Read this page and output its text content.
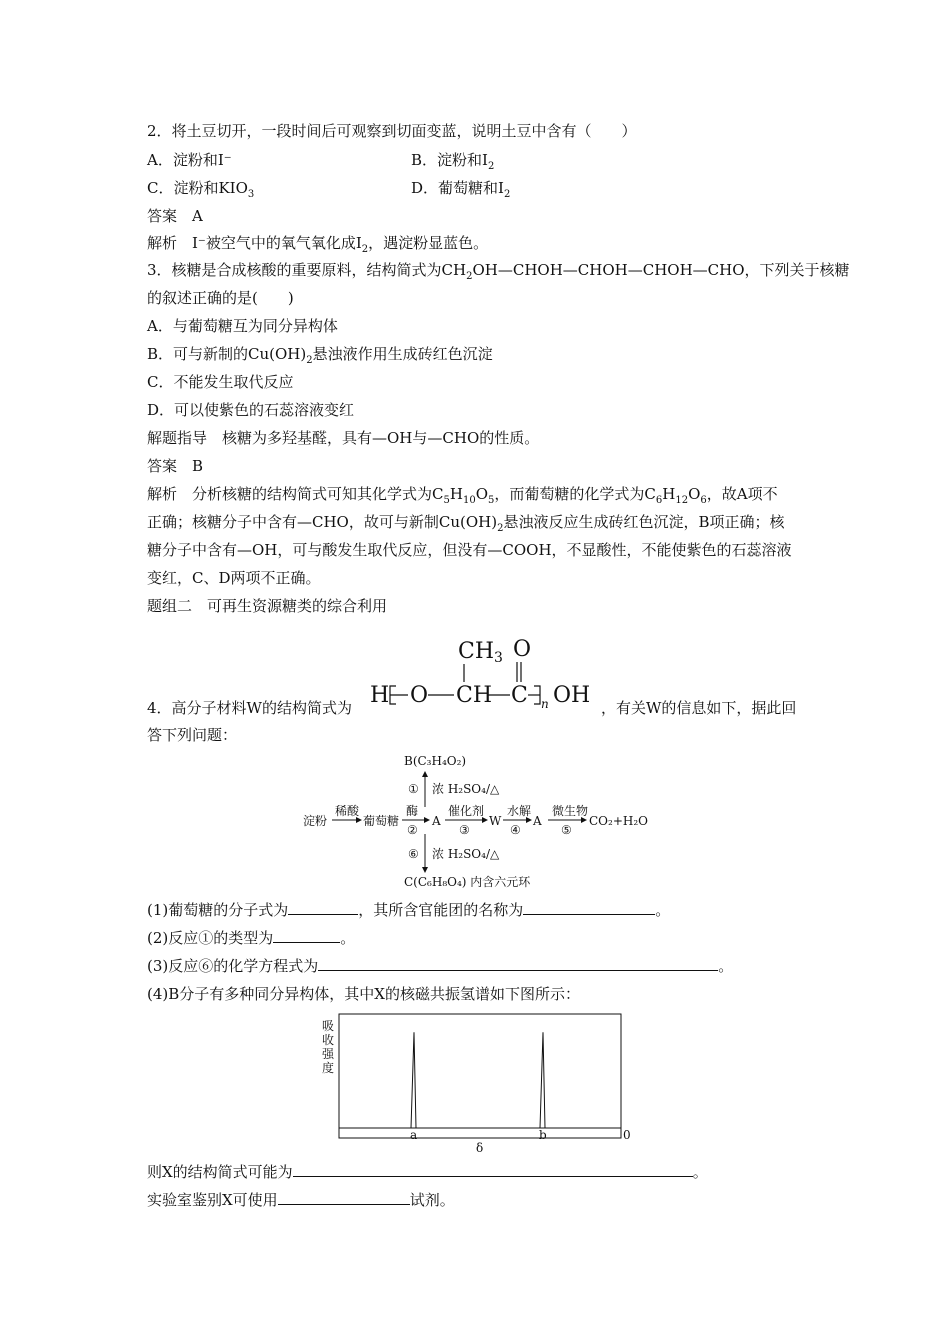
2．将土豆切开，一段时间后可观察到切面变蓝，说明土豆中含有（　　）
A．淀粉和I⁻	B．淀粉和$I_2$
C．淀粉和$KIO_3$	D．葡萄糖和$I_2$
答案　A
解析　I⁻被空气中的氧气氧化成$I_2$，遇淀粉显蓝色。
3．核糖是合成核酸的重要原料，结构简式为$CH_2OH—CHOH—CHOH—CHOH—CHO$，下列关于核糖
的叙述正确的是(　　)
A．与葡萄糖互为同分异构体
B．可与新制的$Cu(OH)_2$悬浊液作用生成砖红色沉淀
C．不能发生取代反应
D．可以使紫色的石蕊溶液变红
解题指导　核糖为多羟基醛，具有—OH与—CHO的性质。
答案　B
解析　分析核糖的结构简式可知其化学式为$C_5H_{10}O_5$，而葡萄糖的化学式为$C_6H_{12}O_6$，故A项不
正确；核糖分子中含有—CHO，故可与新制$Cu(OH)_2$悬浊液反应生成砖红色沉淀，B项正确；核
糖分子中含有—OH，可与酸发生取代反应，但没有—COOH，不显酸性，不能使紫色的石蕊溶液
变红，C、D两项不正确。
题组二　可再生资源糖类的综合利用
4．高分子材料W的结构简式为
CH3 O
H O CH C n OH ，有关W的信息如下，据此回
答下列问题：
B(C₃H₄O₂)
① 浓 H₂SO₄/△
淀粉
稀酸
葡萄糖
酶
②
A
催化剂
③
W
水解
④
A
微生物
⑤
CO₂+H₂O
⑥ 浓 H₂SO₄/△
C(C₆H₈O₄) 内含六元环
(1)葡萄糖的分子式为	，其所含官能团的名称为	。
(2)反应①的类型为	。
(3)反应⑥的化学方程式为	。
(4)B分子有多种同分异构体，其中X的核磁共振氢谱如下图所示：
吸
收
强
度
a	b	0
δ
则X的结构简式可能为	。
实验室鉴别X可使用	试剂。
